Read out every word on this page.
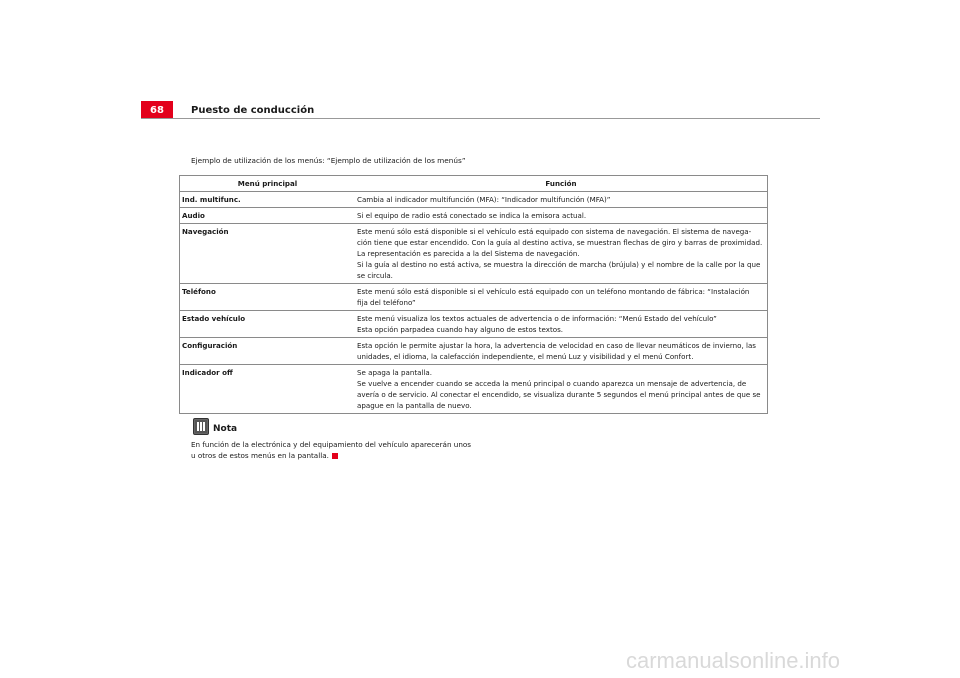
68	Puesto de conducción
Ejemplo de utilización de los menús: “Ejemplo de utilización de los menús”
Menú principal	Función
Ind. multifunc.	Cambia al indicador multifunción (MFA): “Indicador multifunción (MFA)”
Audio	Si el equipo de radio está conectado se indica la emisora actual.
Navegación	Este menú sólo está disponible si el vehículo está equipado con sistema de navegación. El sistema de navega-
ción tiene que estar encendido. Con la guía al destino activa, se muestran flechas de giro y barras de proximidad.
La representación es parecida a la del Sistema de navegación.
Si la guía al destino no está activa, se muestra la dirección de marcha (brújula) y el nombre de la calle por la que
se circula.
Teléfono	Este menú sólo está disponible si el vehículo está equipado con un teléfono montando de fábrica: “Instalación
fija del teléfono”
Estado vehículo	Este menú visualiza los textos actuales de advertencia o de información: “Menú Estado del vehículo”
Esta opción parpadea cuando hay alguno de estos textos.
Configuración	Esta opción le permite ajustar la hora, la advertencia de velocidad en caso de llevar neumáticos de invierno, las
unidades, el idioma, la calefacción independiente, el menú Luz y visibilidad y el menú Confort.
Indicador off	Se apaga la pantalla.
Se vuelve a encender cuando se acceda la menú principal o cuando aparezca un mensaje de advertencia, de
avería o de servicio. Al conectar el encendido, se visualiza durante 5 segundos el menú principal antes de que se
apague en la pantalla de nuevo.
Nota
En función de la electrónica y del equipamiento del vehículo aparecerán unos
u otros de estos menús en la pantalla.
carmanualsonline.info
